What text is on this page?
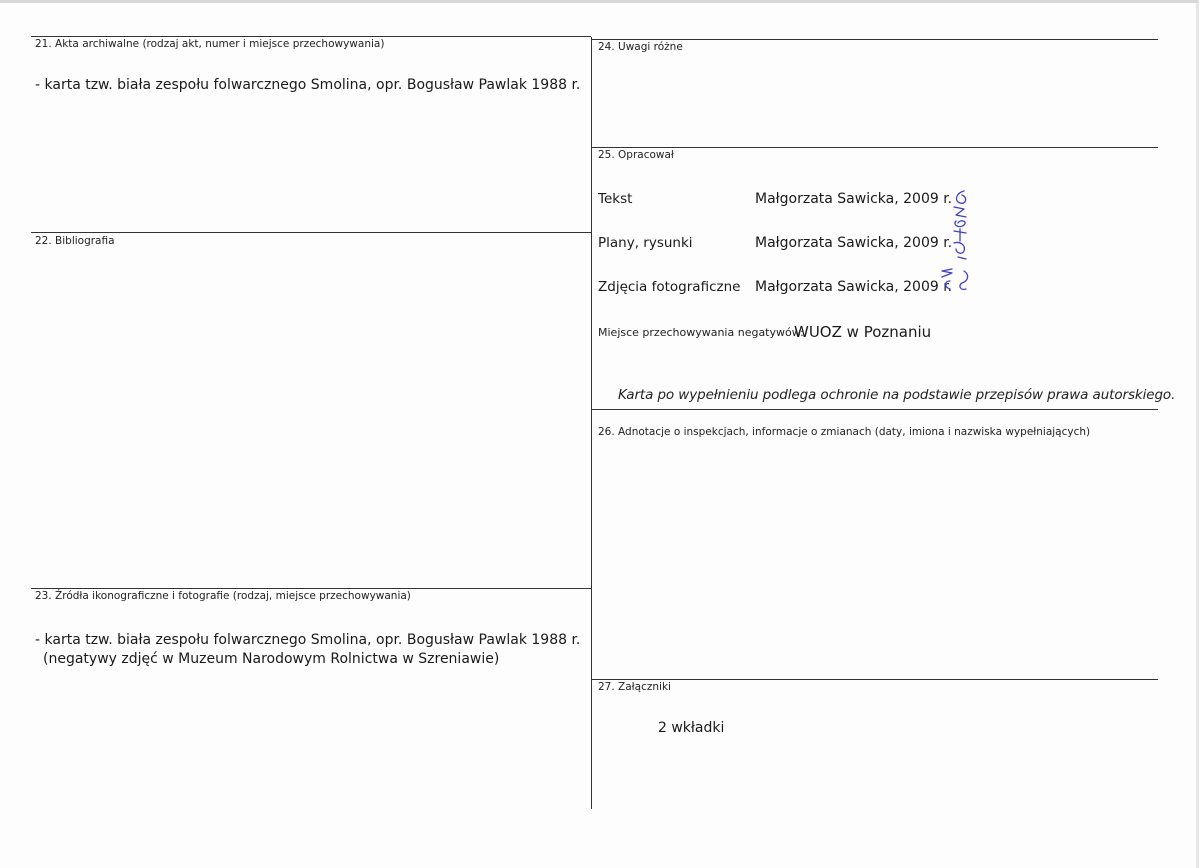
21. Akta archiwalne (rodzaj akt, numer i miejsce przechowywania)
- karta tzw. biała zespołu folwarcznego Smolina, opr. Bogusław Pawlak 1988 r.
22. Bibliografia
23. Źródła ikonograficzne i fotografie (rodzaj, miejsce przechowywania)
- karta tzw. biała zespołu folwarcznego Smolina, opr. Bogusław Pawlak 1988 r.
(negatywy zdjęć w Muzeum Narodowym Rolnictwa w Szreniawie)
24. Uwagi różne
25. Opracował
Tekst	Małgorzata Sawicka, 2009 r.
Plany, rysunki	Małgorzata Sawicka, 2009 r.
Zdjęcia fotograficzne Małgorzata Sawicka, 2009 r.
Miejsce przechowywania negatywów:
WUOZ w Poznaniu
Karta po wypełnieniu podlega ochronie na podstawie przepisów prawa autorskiego.
26. Adnotacje o inspekcjach, informacje o zmianach (daty, imiona i nazwiska wypełniających)
27. Załączniki
2 wkładki
